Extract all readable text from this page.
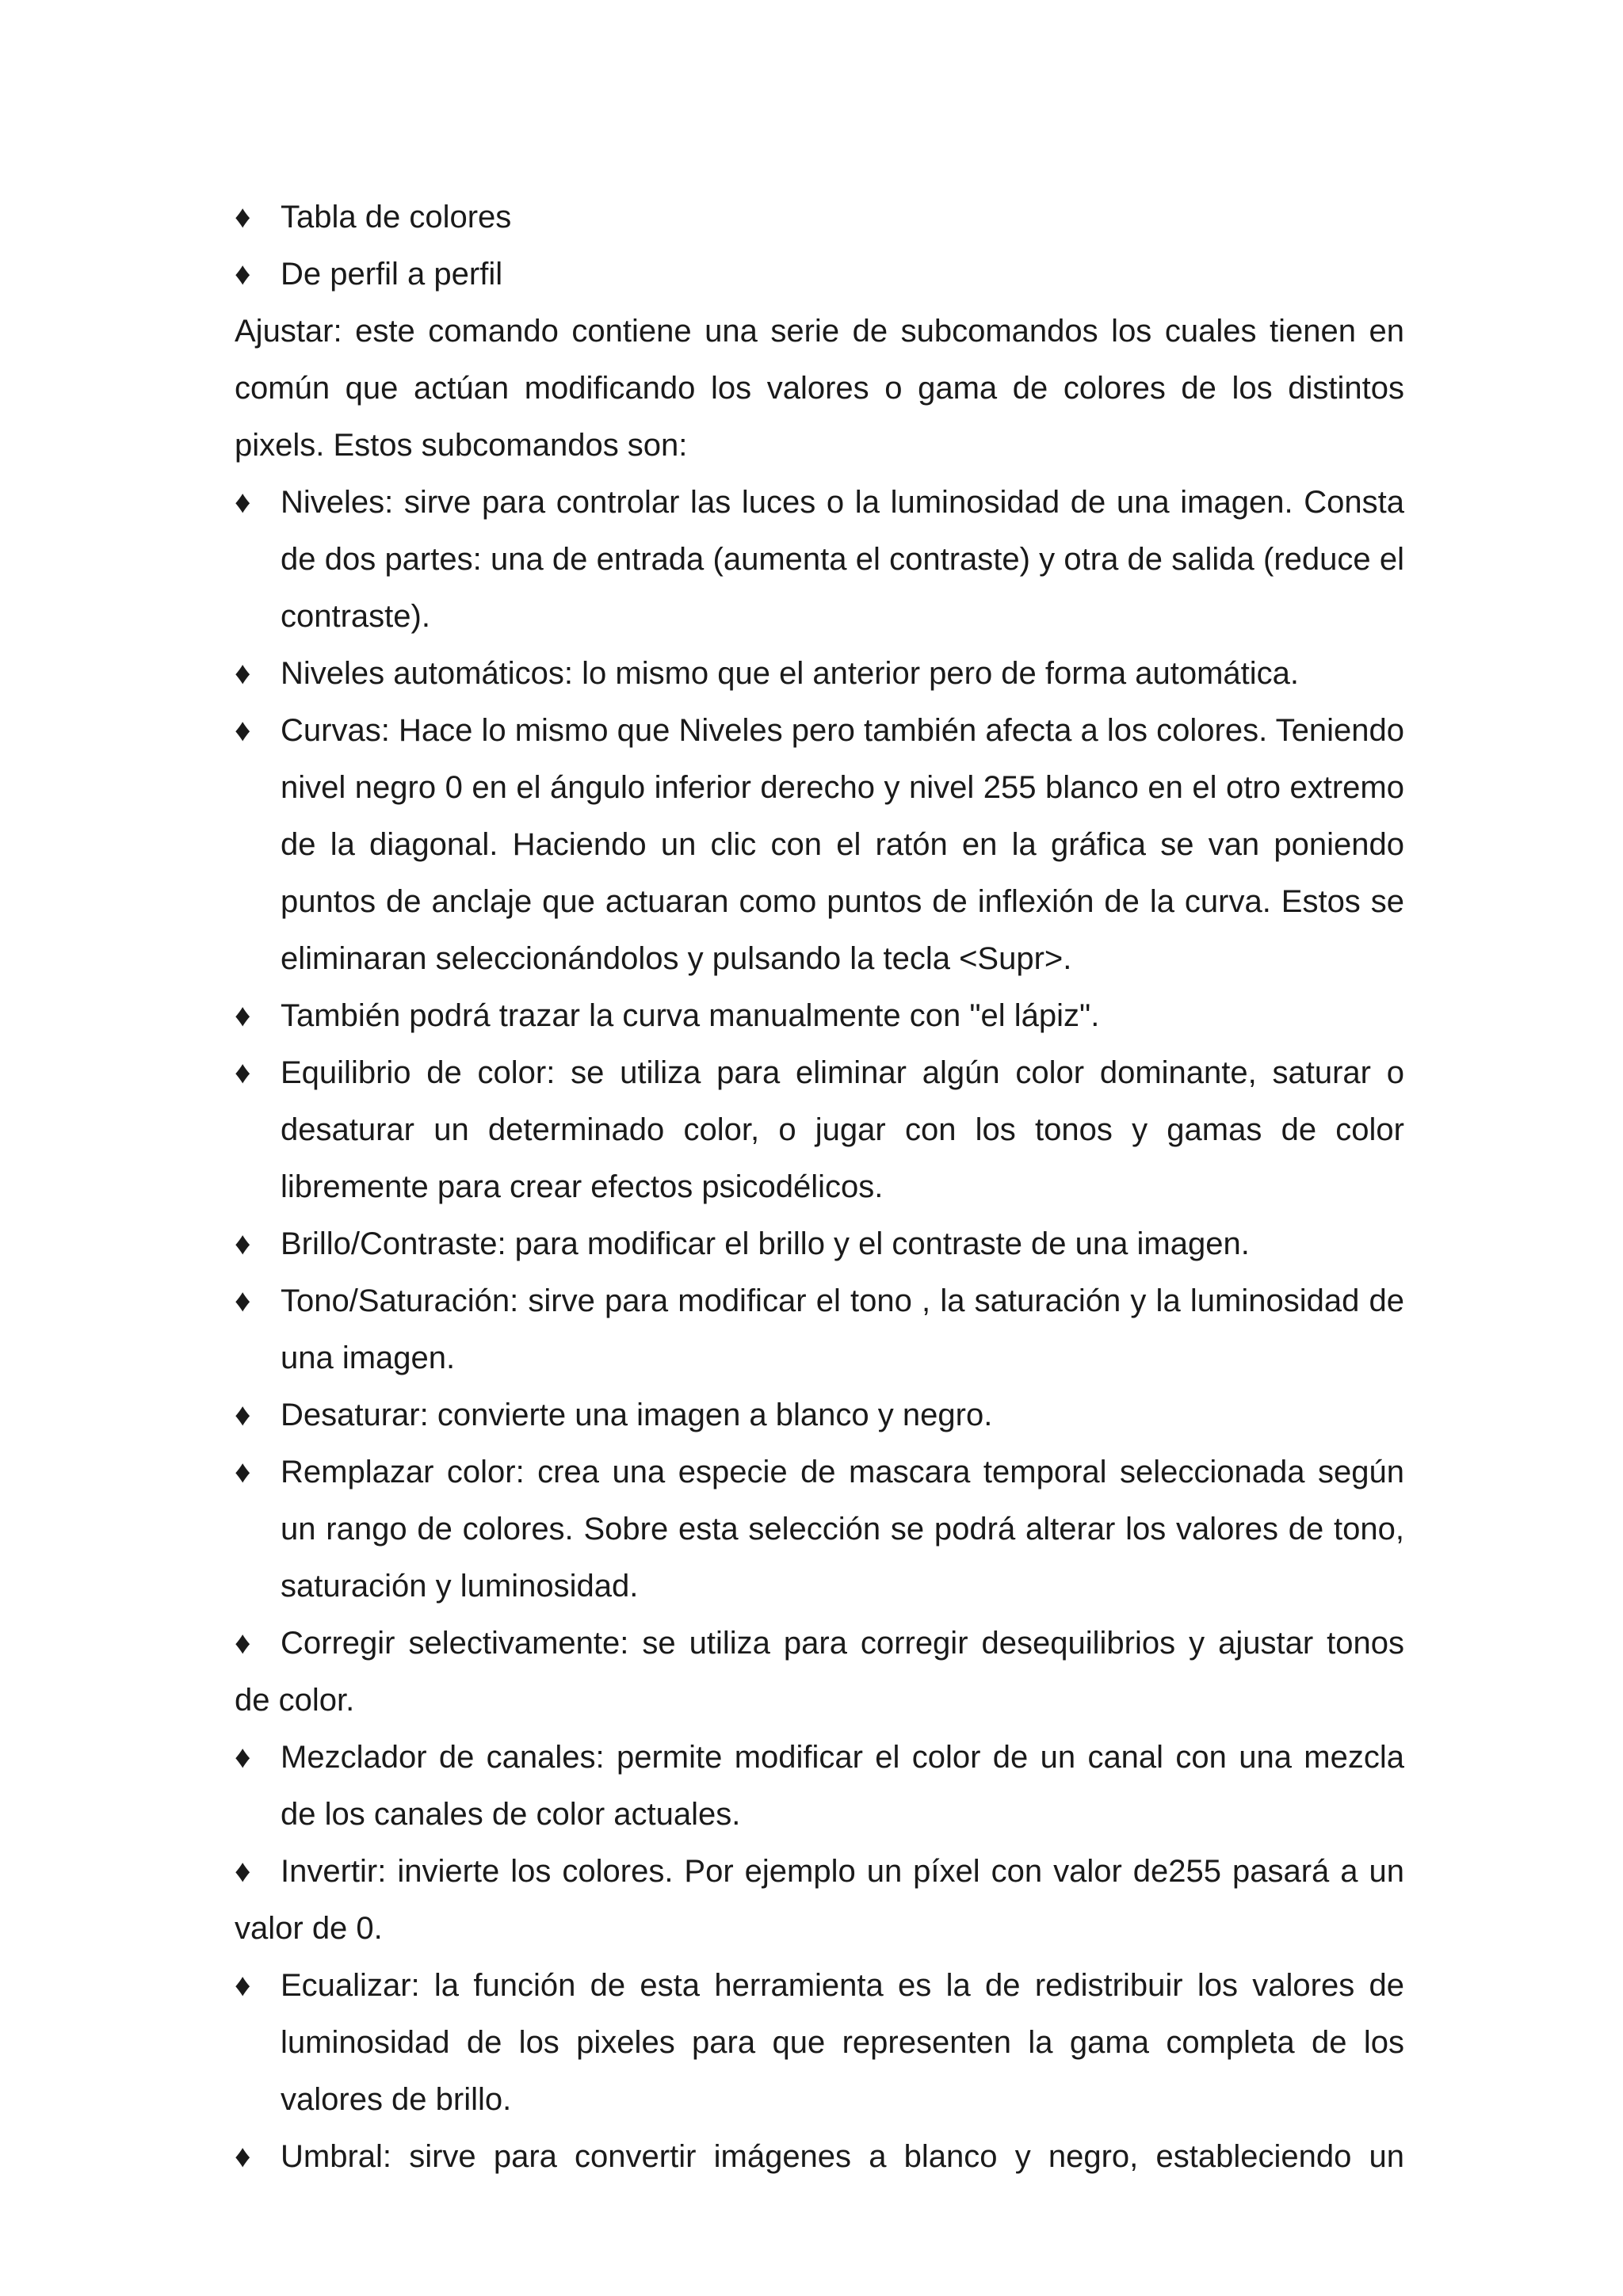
♦ Tabla de colores

♦ De perfil a perfil

Ajustar: este comando contiene una serie de subcomandos los cuales tienen en común que actúan modificando los valores o gama de colores de los distintos pixels. Estos subcomandos son:

♦ Niveles: sirve para controlar las luces o la luminosidad de una imagen. Consta de dos partes: una de entrada (aumenta el contraste) y otra de salida (reduce el contraste).

♦ Niveles automáticos: lo mismo que el anterior pero de forma automática.

♦ Curvas: Hace lo mismo que Niveles pero también afecta a los colores. Teniendo nivel negro 0 en el ángulo inferior derecho y nivel 255 blanco en el otro extremo de la diagonal. Haciendo un clic con el ratón en la gráfica se van poniendo puntos de anclaje que actuaran como puntos de inflexión de la curva. Estos se eliminaran seleccionándolos y pulsando la tecla <Supr>.

♦ También podrá trazar la curva manualmente con "el lápiz".

♦ Equilibrio de color: se utiliza para eliminar algún color dominante, saturar o desaturar un determinado color, o jugar con los tonos y gamas de color libremente para crear efectos psicodélicos.

♦ Brillo/Contraste: para modificar el brillo y el contraste de una imagen.

♦ Tono/Saturación: sirve para modificar el tono , la saturación y la luminosidad de una imagen.

♦ Desaturar: convierte una imagen a blanco y negro.

♦ Remplazar color: crea una especie de mascara temporal seleccionada según un rango de colores. Sobre esta selección se podrá alterar los valores de tono, saturación y luminosidad.

♦ Corregir selectivamente: se utiliza para corregir desequilibrios y ajustar tonos de color.

♦ Mezclador de canales: permite modificar el color de un canal con una mezcla de los canales de color actuales.

♦ Invertir: invierte los colores. Por ejemplo un píxel con valor de255 pasará a un valor de 0.

♦ Ecualizar: la función de esta herramienta es la de redistribuir los valores de luminosidad de los pixeles para que representen la gama completa de los valores de brillo.

♦ Umbral: sirve para convertir imágenes a blanco y negro, estableciendo un
